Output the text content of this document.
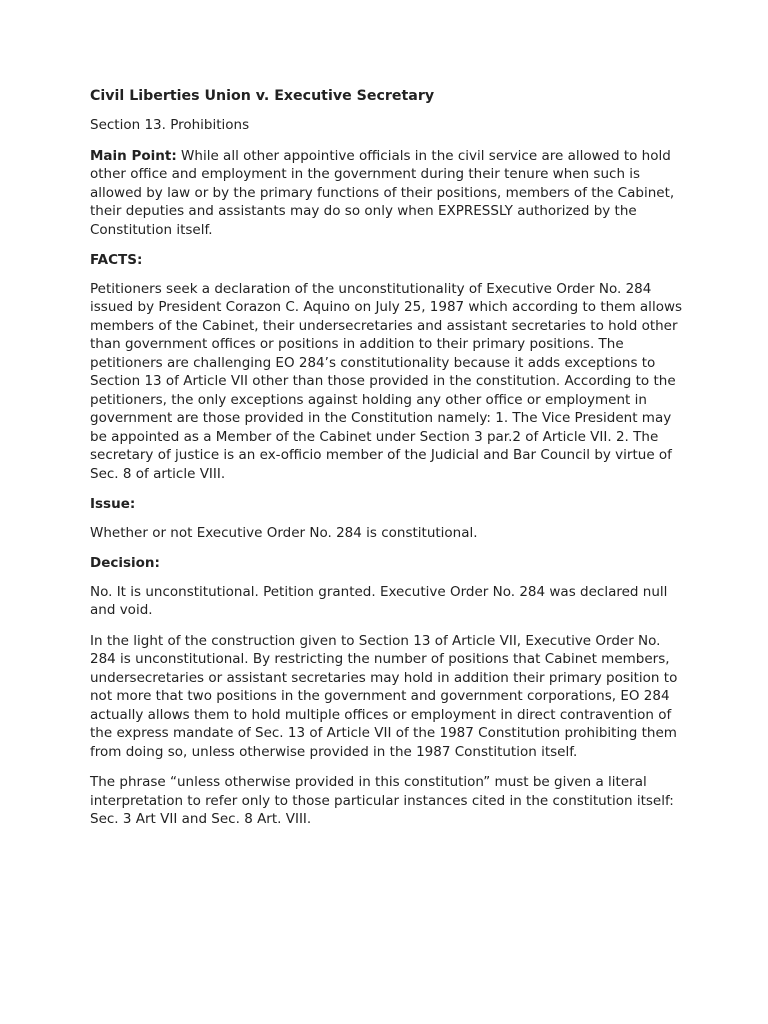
Civil Liberties Union v. Executive Secretary

Section 13. Prohibitions

Main Point: While all other appointive officials in the civil service are allowed to hold other office and employment in the government during their tenure when such is allowed by law or by the primary functions of their positions, members of the Cabinet, their deputies and assistants may do so only when EXPRESSLY authorized by the Constitution itself.

FACTS:

Petitioners seek a declaration of the unconstitutionality of Executive Order No. 284 issued by President Corazon C. Aquino on July 25, 1987 which according to them allows members of the Cabinet, their undersecretaries and assistant secretaries to hold other than government offices or positions in addition to their primary positions. The petitioners are challenging EO 284’s constitutionality because it adds exceptions to Section 13 of Article VII other than those provided in the constitution. According to the petitioners, the only exceptions against holding any other office or employment in government are those provided in the Constitution namely: 1. The Vice President may be appointed as a Member of the Cabinet under Section 3 par.2 of Article VII. 2. The secretary of justice is an ex-officio member of the Judicial and Bar Council by virtue of Sec. 8 of article VIII.

Issue:

Whether or not Executive Order No. 284 is constitutional.

Decision:

No. It is unconstitutional. Petition granted. Executive Order No. 284 was declared null and void.

In the light of the construction given to Section 13 of Article VII, Executive Order No. 284 is unconstitutional. By restricting the number of positions that Cabinet members, undersecretaries or assistant secretaries may hold in addition their primary position to not more that two positions in the government and government corporations, EO 284 actually allows them to hold multiple offices or employment in direct contravention of the express mandate of Sec. 13 of Article VII of the 1987 Constitution prohibiting them from doing so, unless otherwise provided in the 1987 Constitution itself.

The phrase “unless otherwise provided in this constitution” must be given a literal interpretation to refer only to those particular instances cited in the constitution itself: Sec. 3 Art VII and Sec. 8 Art. VIII.
